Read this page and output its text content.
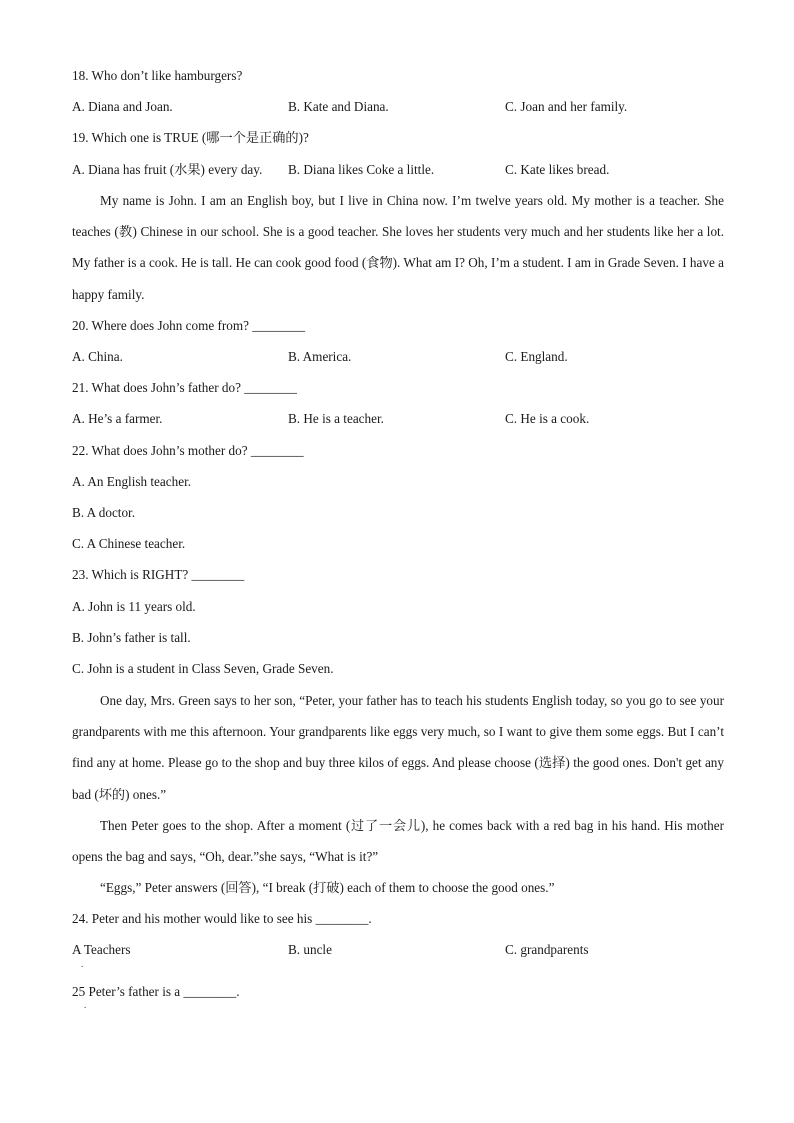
18. Who don’t like hamburgers?
A. Diana and Joan.	B. Kate and Diana.	C. Joan and her family.
19. Which one is TRUE (哪一个是正确的)?
A. Diana has fruit (水果) every day. B. Diana likes Coke a little.	C. Kate likes bread.

My name is John. I am an English boy, but I live in China now. I’m twelve years old. My mother is a teacher. She teaches (教) Chinese in our school. She is a good teacher. She loves her students very much and her students like her a lot. My father is a cook. He is tall. He can cook good food (食物). What am I? Oh, I’m a student. I am in Grade Seven. I have a happy family.

20. Where does John come from? ________
A. China.	B. America.	C. England.
21. What does John’s father do? ________
A. He’s a farmer.	B. He is a teacher.	C. He is a cook.
22. What does John’s mother do? ________
A. An English teacher.
B. A doctor.
C. A Chinese teacher.
23. Which is RIGHT? ________
A. John is 11 years old.
B. John’s father is tall.
C. John is a student in Class Seven, Grade Seven.

One day, Mrs. Green says to her son, “Peter, your father has to teach his students English today, so you go to see your grandparents with me this afternoon. Your grandparents like eggs very much, so I want to give them some eggs. But I can’t find any at home. Please go to the shop and buy three kilos of eggs. And please choose (选择) the good ones. Don't get any bad (坏的) ones.”

Then Peter goes to the shop. After a moment (过了一会儿), he comes back with a red bag in his hand. His mother opens the bag and says, “Oh, dear.”she says, “What is it?”

“Eggs,” Peter answers (回答), “I break (打破) each of them to choose the good ones.”

24. Peter and his mother would like to see his ________.
A Teachers	B. uncle	C. grandparents
.
25 Peter’s father is a ________.
.
